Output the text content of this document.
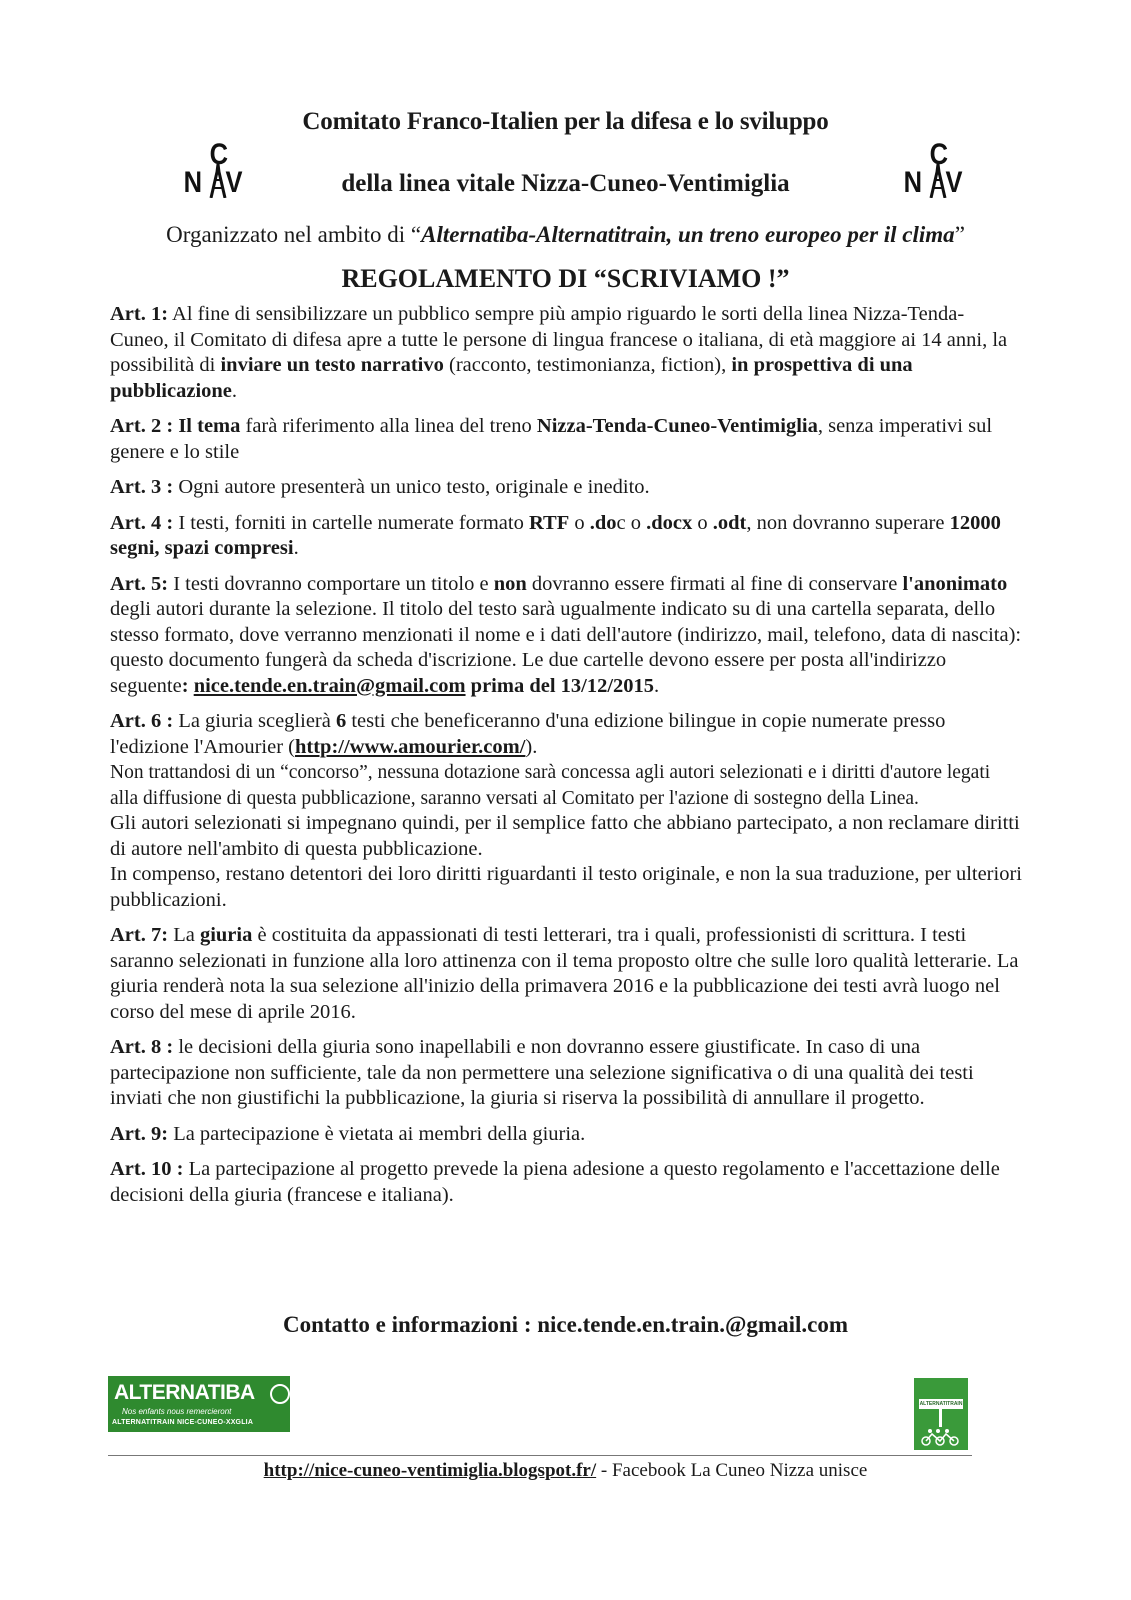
Comitato Franco-Italien per la difesa e lo sviluppo
C
N V	della linea vitale Nizza-Cuneo-Ventimiglia
C
N V
Organizzato nel ambito di “Alternatiba-Alternatitrain, un treno europeo per il clima”
REGOLAMENTO DI “SCRIVIAMO !”

Art. 1: Al fine di sensibilizzare un pubblico sempre più ampio riguardo le sorti della linea Nizza-Tenda-Cuneo, il Comitato di difesa apre a tutte le persone di lingua francese o italiana, di età maggiore ai 14 anni, la possibilità di inviare un testo narrativo (racconto, testimonianza, fiction), in prospettiva di una pubblicazione.

Art. 2 : Il tema farà riferimento alla linea del treno Nizza-Tenda-Cuneo-Ventimiglia, senza imperativi sul genere e lo stile

Art. 3 : Ogni autore presenterà un unico testo, originale e inedito.

Art. 4 : I testi, forniti in cartelle numerate formato RTF o .doc o .docx o .odt, non dovranno superare 12000 segni, spazi compresi.

Art. 5: I testi dovranno comportare un titolo e non dovranno essere firmati al fine di conservare l'anonimato degli autori durante la selezione. Il titolo del testo sarà ugualmente indicato su di una cartella separata, dello stesso formato, dove verranno menzionati il nome e i dati dell'autore (indirizzo, mail, telefono, data di nascita): questo documento fungerà da scheda d'iscrizione. Le due cartelle devono essere per posta all'indirizzo seguente: nice.tende.en.train@gmail.com prima del 13/12/2015.

Art. 6 : La giuria sceglierà 6 testi che beneficeranno d'una edizione bilingue in copie numerate presso l'edizione l'Amourier (http://www.amourier.com/).

Non trattandosi di un “concorso”, nessuna dotazione sarà concessa agli autori selezionati e i diritti d'autore legati alla diffusione di questa pubblicazione, saranno versati al Comitato per l'azione di sostegno della Linea.

Gli autori selezionati si impegnano quindi, per il semplice fatto che abbiano partecipato, a non reclamare diritti di autore nell'ambito di questa pubblicazione.

In compenso, restano detentori dei loro diritti riguardanti il testo originale, e non la sua traduzione, per ulteriori pubblicazioni.

Art. 7: La giuria è costituita da appassionati di testi letterari, tra i quali, professionisti di scrittura. I testi saranno selezionati in funzione alla loro attinenza con il tema proposto oltre che sulle loro qualità letterarie. La giuria renderà nota la sua selezione all'inizio della primavera 2016 e la pubblicazione dei testi avrà luogo nel corso del mese di aprile 2016.

Art. 8 : le decisioni della giuria sono inapellabili e non dovranno essere giustificate. In caso di una partecipazione non sufficiente, tale da non permettere una selezione significativa o di una qualità dei testi inviati che non giustifichi la pubblicazione, la giuria si riserva la possibilità di annullare il progetto.

Art. 9: La partecipazione è vietata ai membri della giuria.

Art. 10 : La partecipazione al progetto prevede la piena adesione a questo regolamento e l'accettazione delle decisioni della giuria (francese e italiana).

Contatto e informazioni : nice.tende.en.train.@gmail.com
ALTERNATIBA
Nos enfants nous remercieront
ALTERNATITRAIN NICE-CUNEO-XXGLIA
ALTERNATITRAIN
http://nice-cuneo-ventimiglia.blogspot.fr/ - Facebook La Cuneo Nizza unisce
